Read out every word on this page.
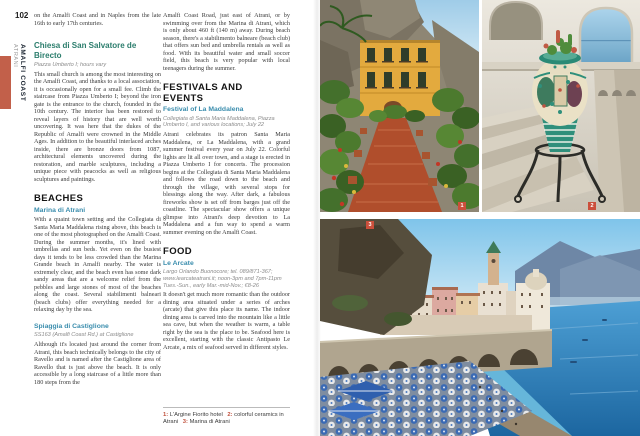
102
AMALFI COAST
ATRANI

on the Amalfi Coast and in Naples from the late 16th to early 17th centuries.

Chiesa di San Salvatore de Birecto
Piazza Umberto I; hours vary

This small church is among the most interesting on the Amalfi Coast, and thanks to a local association, it is occasionally open for a small fee. Climb the staircase from Piazza Umberto I; beyond the iron gate is the entrance to the church, founded in the 10th century. The interior has been restored to reveal layers of history that are well worth uncovering. It was here that the dukes of the Republic of Amalfi were crowned in the Middle Ages. In addition to the beautiful interlaced arches inside, there are bronze doors from 1087, architectural elements uncovered during the restoration, and marble sculptures, including a unique piece with peacocks as well as religious sculptures and paintings.

BEACHES
Marina di Atrani

With a quaint town setting and the Collegiata di Santa Maria Maddalena rising above, this beach is one of the most photographed on the Amalfi Coast. During the summer months, it's lined with umbrellas and sun beds. Yet even on the busiest days it tends to be less crowded than the Marina Grande beach in Amalfi nearby. The water is extremely clear, and the beach even has some dark sandy areas that are a welcome relief from the pebbles and large stones of most of the beaches along the coast. Several stabilimenti balneari (beach clubs) offer everything needed for a relaxing day by the sea.

Spiaggia di Castiglione
SS163 (Amalfi Coast Rd.) at Castiglione

Although it's located just around the corner from Atrani, this beach technically belongs to the city of Ravello and is named after the Castiglione area of Ravello that is just above the beach. It is only accessible by a long staircase of a little more than 180 steps from the

Amalfi Coast Road, just east of Atrani, or by swimming over from the Marina di Atrani, which is only about 460 ft (140 m) away. During beach season, there's a stabilimento balneare (beach club) that offers sun bed and umbrella rentals as well as food. With its beautiful water and small soccer field, this beach is very popular with local teenagers during the summer.

FESTIVALS AND EVENTS
Festival of La Maddalena
Collegiata di Santa Maria Maddalena, Piazza Umberto I, and various locations; July 22

Atrani celebrates its patron Santa Maria Maddalena, or La Maddalena, with a grand summer festival every year on July 22. Colorful lights are lit all over town, and a stage is erected in Piazza Umberto I for concerts. The procession begins at the Collegiata di Santa Maria Maddalena and follows the road down to the beach and through the village, with several stops for blessings along the way. After dark, a fabulous fireworks show is set off from barges just off the coastline. The spectacular show offers a unique glimpse into Atrani's deep devotion to La Maddalena and a fun way to spend a warm summer evening on the Amalfi Coast.

FOOD
Le Arcate
Largo Orlando Buonocore; tel. 089/871-367; www.learcateatrani.it; noon-3pm and 7pm-11pm Tues.-Sun., early Mar.-mid-Nov.; €8-26

It doesn't get much more romantic than the outdoor dining area situated under a series of arches (arcate) that give this place its name. The indoor dining area is carved into the mountain like a little sea cave, but when the weather is warm, a table right by the sea is the place to be. Seafood here is excellent, starting with the classic Antipasto Le Arcate, a mix of seafood served in different styles.

1: L'Argine Fiorito hotel 2: colorful ceramics in Atrani 3: Marina di Atrani
1	2
3
